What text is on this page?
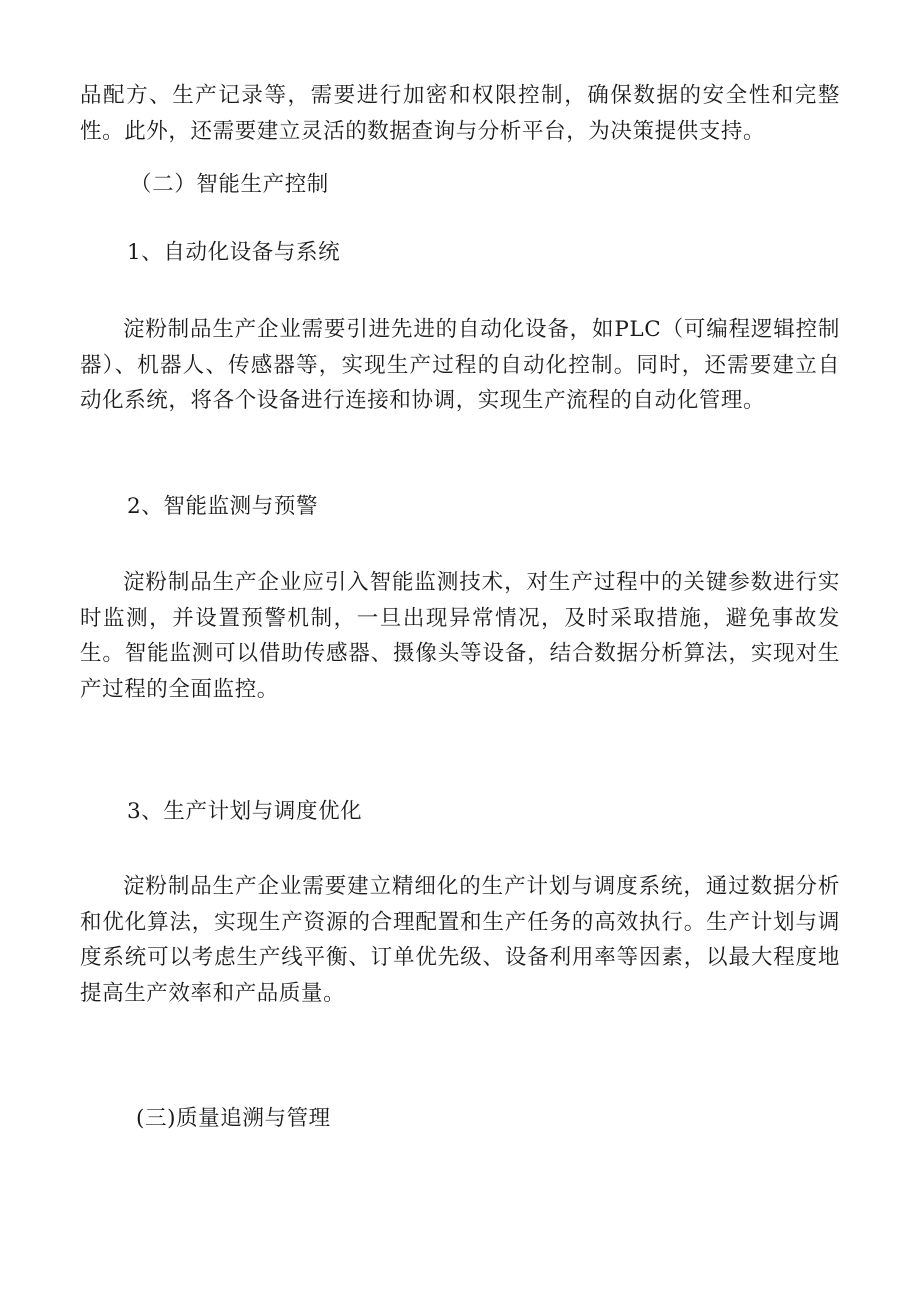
品配方、生产记录等，需要进行加密和权限控制，确保数据的安全性和完整性。此外，还需要建立灵活的数据查询与分析平台，为决策提供支持。

（二）智能生产控制

1、自动化设备与系统

淀粉制品生产企业需要引进先进的自动化设备，如PLC（可编程逻辑控制器）、机器人、传感器等，实现生产过程的自动化控制。同时，还需要建立自动化系统，将各个设备进行连接和协调，实现生产流程的自动化管理。

2、智能监测与预警

淀粉制品生产企业应引入智能监测技术，对生产过程中的关键参数进行实时监测，并设置预警机制，一旦出现异常情况，及时采取措施，避免事故发生。智能监测可以借助传感器、摄像头等设备，结合数据分析算法，实现对生产过程的全面监控。

3、生产计划与调度优化

淀粉制品生产企业需要建立精细化的生产计划与调度系统，通过数据分析和优化算法，实现生产资源的合理配置和生产任务的高效执行。生产计划与调度系统可以考虑生产线平衡、订单优先级、设备利用率等因素，以最大程度地提高生产效率和产品质量。

(三)质量追溯与管理
